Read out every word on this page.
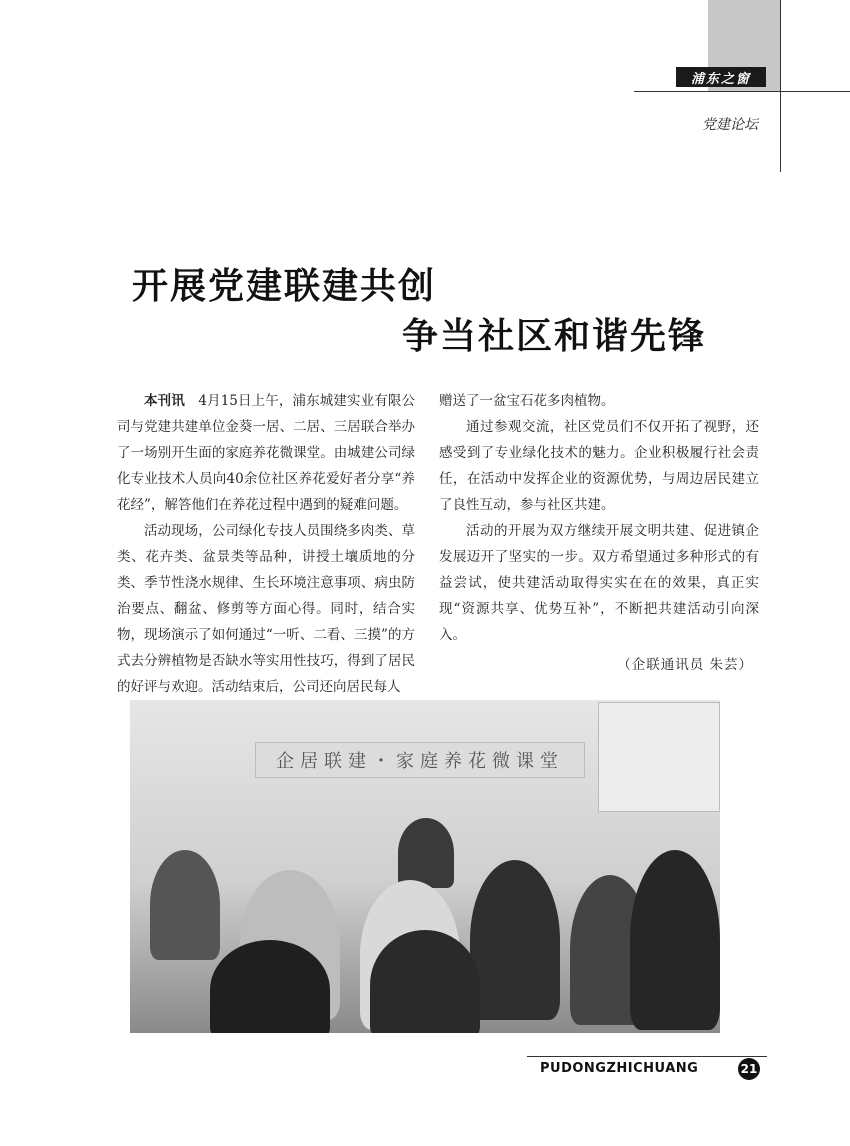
浦东之窗
党建论坛
开展党建联建共创
争当社区和谐先锋

本刊讯 4月15日上午，浦东城建实业有限公司与党建共建单位金葵一居、二居、三居联合举办了一场别开生面的家庭养花微课堂。由城建公司绿化专业技术人员向40余位社区养花爱好者分享“养花经”，解答他们在养花过程中遇到的疑难问题。

活动现场，公司绿化专技人员围绕多肉类、草类、花卉类、盆景类等品种，讲授土壤质地的分类、季节性浇水规律、生长环境注意事项、病虫防治要点、翻盆、修剪等方面心得。同时，结合实物，现场演示了如何通过“一听、二看、三摸”的方式去分辨植物是否缺水等实用性技巧，得到了居民的好评与欢迎。活动结束后，公司还向居民每人

赠送了一盆宝石花多肉植物。

通过参观交流，社区党员们不仅开拓了视野，还感受到了专业绿化技术的魅力。企业积极履行社会责任，在活动中发挥企业的资源优势，与周边居民建立了良性互动，参与社区共建。

活动的开展为双方继续开展文明共建、促进镇企发展迈开了坚实的一步。双方希望通过多种形式的有益尝试，使共建活动取得实实在在的效果，真正实现“资源共享、优势互补”，不断把共建活动引向深入。

（企联通讯员 朱芸）

企居联建・家庭养花微课堂
PUDONGZHICHUANG	21
